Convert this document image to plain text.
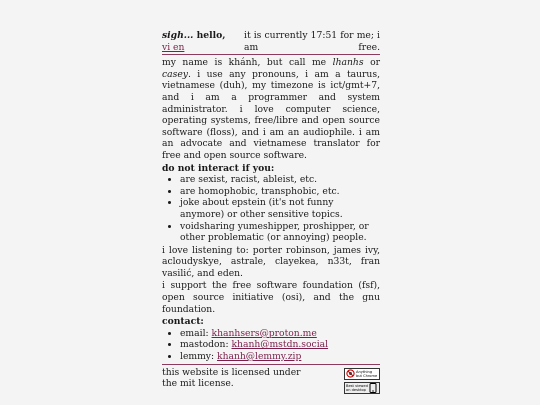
sigh... hello, vi en
it is currently 17:51 for me; i am free.

my name is khánh, but call me lhanhs or casey. i use any pronouns, i am a taurus, vietnamese (duh), my timezone is ict/gmt+7, and i am a programmer and system administrator. i love computer science, operating systems, free/libre and open source software (floss), and i am an audiophile. i am an advocate and vietnamese translator for free and open source software.

do not interact if you:
• are sexist, racist, ableist, etc.
• are homophobic, transphobic, etc.
• joke about epstein (it's not funny anymore) or other sensitive topics.
• voidsharing yumeshipper, proshipper, or other problematic (or annoying) people.

i love listening to: porter robinson, james ivy, acloudyskye, astrale, clayekea, n33t, fran vasilić, and eden.

i support the free software foundation (fsf), open source initiative (osi), and the gnu foundation.

contact:
• email: khanhsers@proton.me
• mastodon: khanh@mstdn.social
• lemmy: khanh@lemmy.zip
this website is licensed under the mit license.
Anything
but Chrome
Best viewed
on desktop
